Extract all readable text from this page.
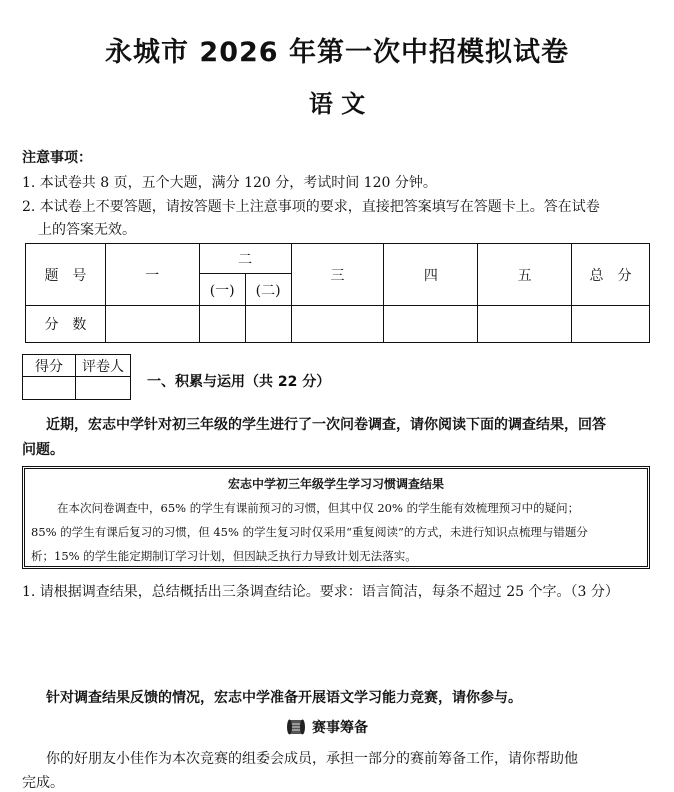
永城市 2026 年第一次中招模拟试卷
语 文
注意事项：
1. 本试卷共 8 页，五个大题，满分 120 分，考试时间 120 分钟。
2. 本试卷上不要答题，请按答题卡上注意事项的要求，直接把答案填写在答题卡上。答在试卷
上的答案无效。
题　号	一	二		三	四	五	总　分
		(一)	(二)				
分　数							
得分	评卷人

一、积累与运用（共 22 分）
近期，宏志中学针对初三年级的学生进行了一次问卷调查，请你阅读下面的调查结果，回答
问题。
宏志中学初三年级学生学习习惯调查结果
在本次问卷调查中，65% 的学生有课前预习的习惯，但其中仅 20% 的学生能有效梳理预习中的疑问；
85% 的学生有课后复习的习惯，但 45% 的学生复习时仅采用“重复阅读”的方式，未进行知识点梳理与错题分
析；15% 的学生能定期制订学习计划，但因缺乏执行力导致计划无法落实。
1. 请根据调查结果，总结概括出三条调查结论。要求：语言简洁，每条不超过 25 个字。（3 分）
针对调查结果反馈的情况，宏志中学准备开展语文学习能力竞赛，请你参与。
赛事筹备
你的好朋友小佳作为本次竞赛的组委会成员，承担一部分的赛前筹备工作，请你帮助他
完成。
